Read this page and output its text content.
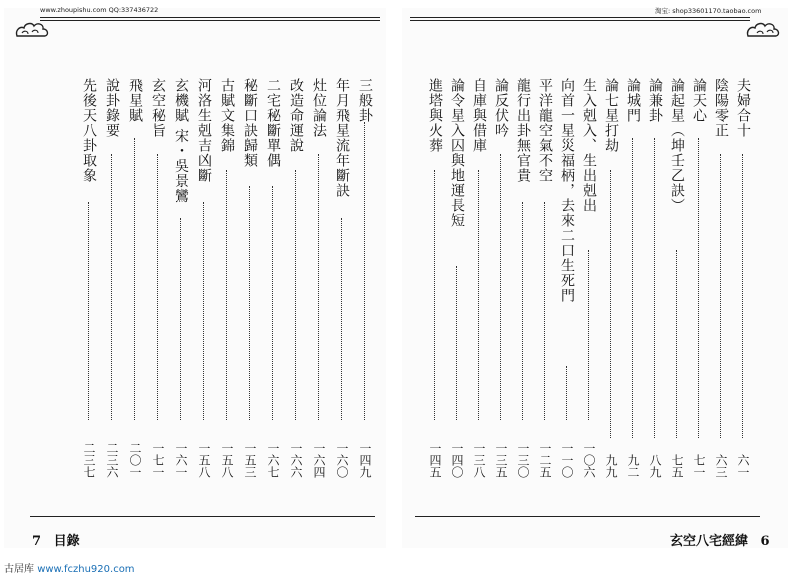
www.zhoupishu.com QQ:337436722	淘宝: shop33601170.taobao.com
三般卦
一四九
年月飛星流年斷訣
一六〇
灶位論法
一六四
改造命運說
一六六
二宅秘斷單偶
一六七
秘斷口訣歸類
一五三
古賦文集錦
一五八
河洛生剋吉凶斷
一五八
玄機賦 宋・吳景鸞
一六一
玄空秘旨
一七一
飛星賦
二〇一
說卦錄要
二三六
先後天八卦取象
二三七
夫婦合十
六一
陰陽零正
六三
論天心
七一
論起星（坤壬乙訣）
七五
論兼卦
八九
論城門
九二
論七星打劫
九九
生入剋入、生出剋出
一〇六
向首一星災福柄，去來二口生死門
一一〇
平洋龍空氣不空
一二五
龍行出卦無官貴
一三〇
論反伏吟
一三五
自庫與借庫
一三八
論令星入囚與地運長短
一四〇
進塔與火葬
一四五
7 目錄	玄空八宅經緯 6
古居库 www.fczhu920.com
